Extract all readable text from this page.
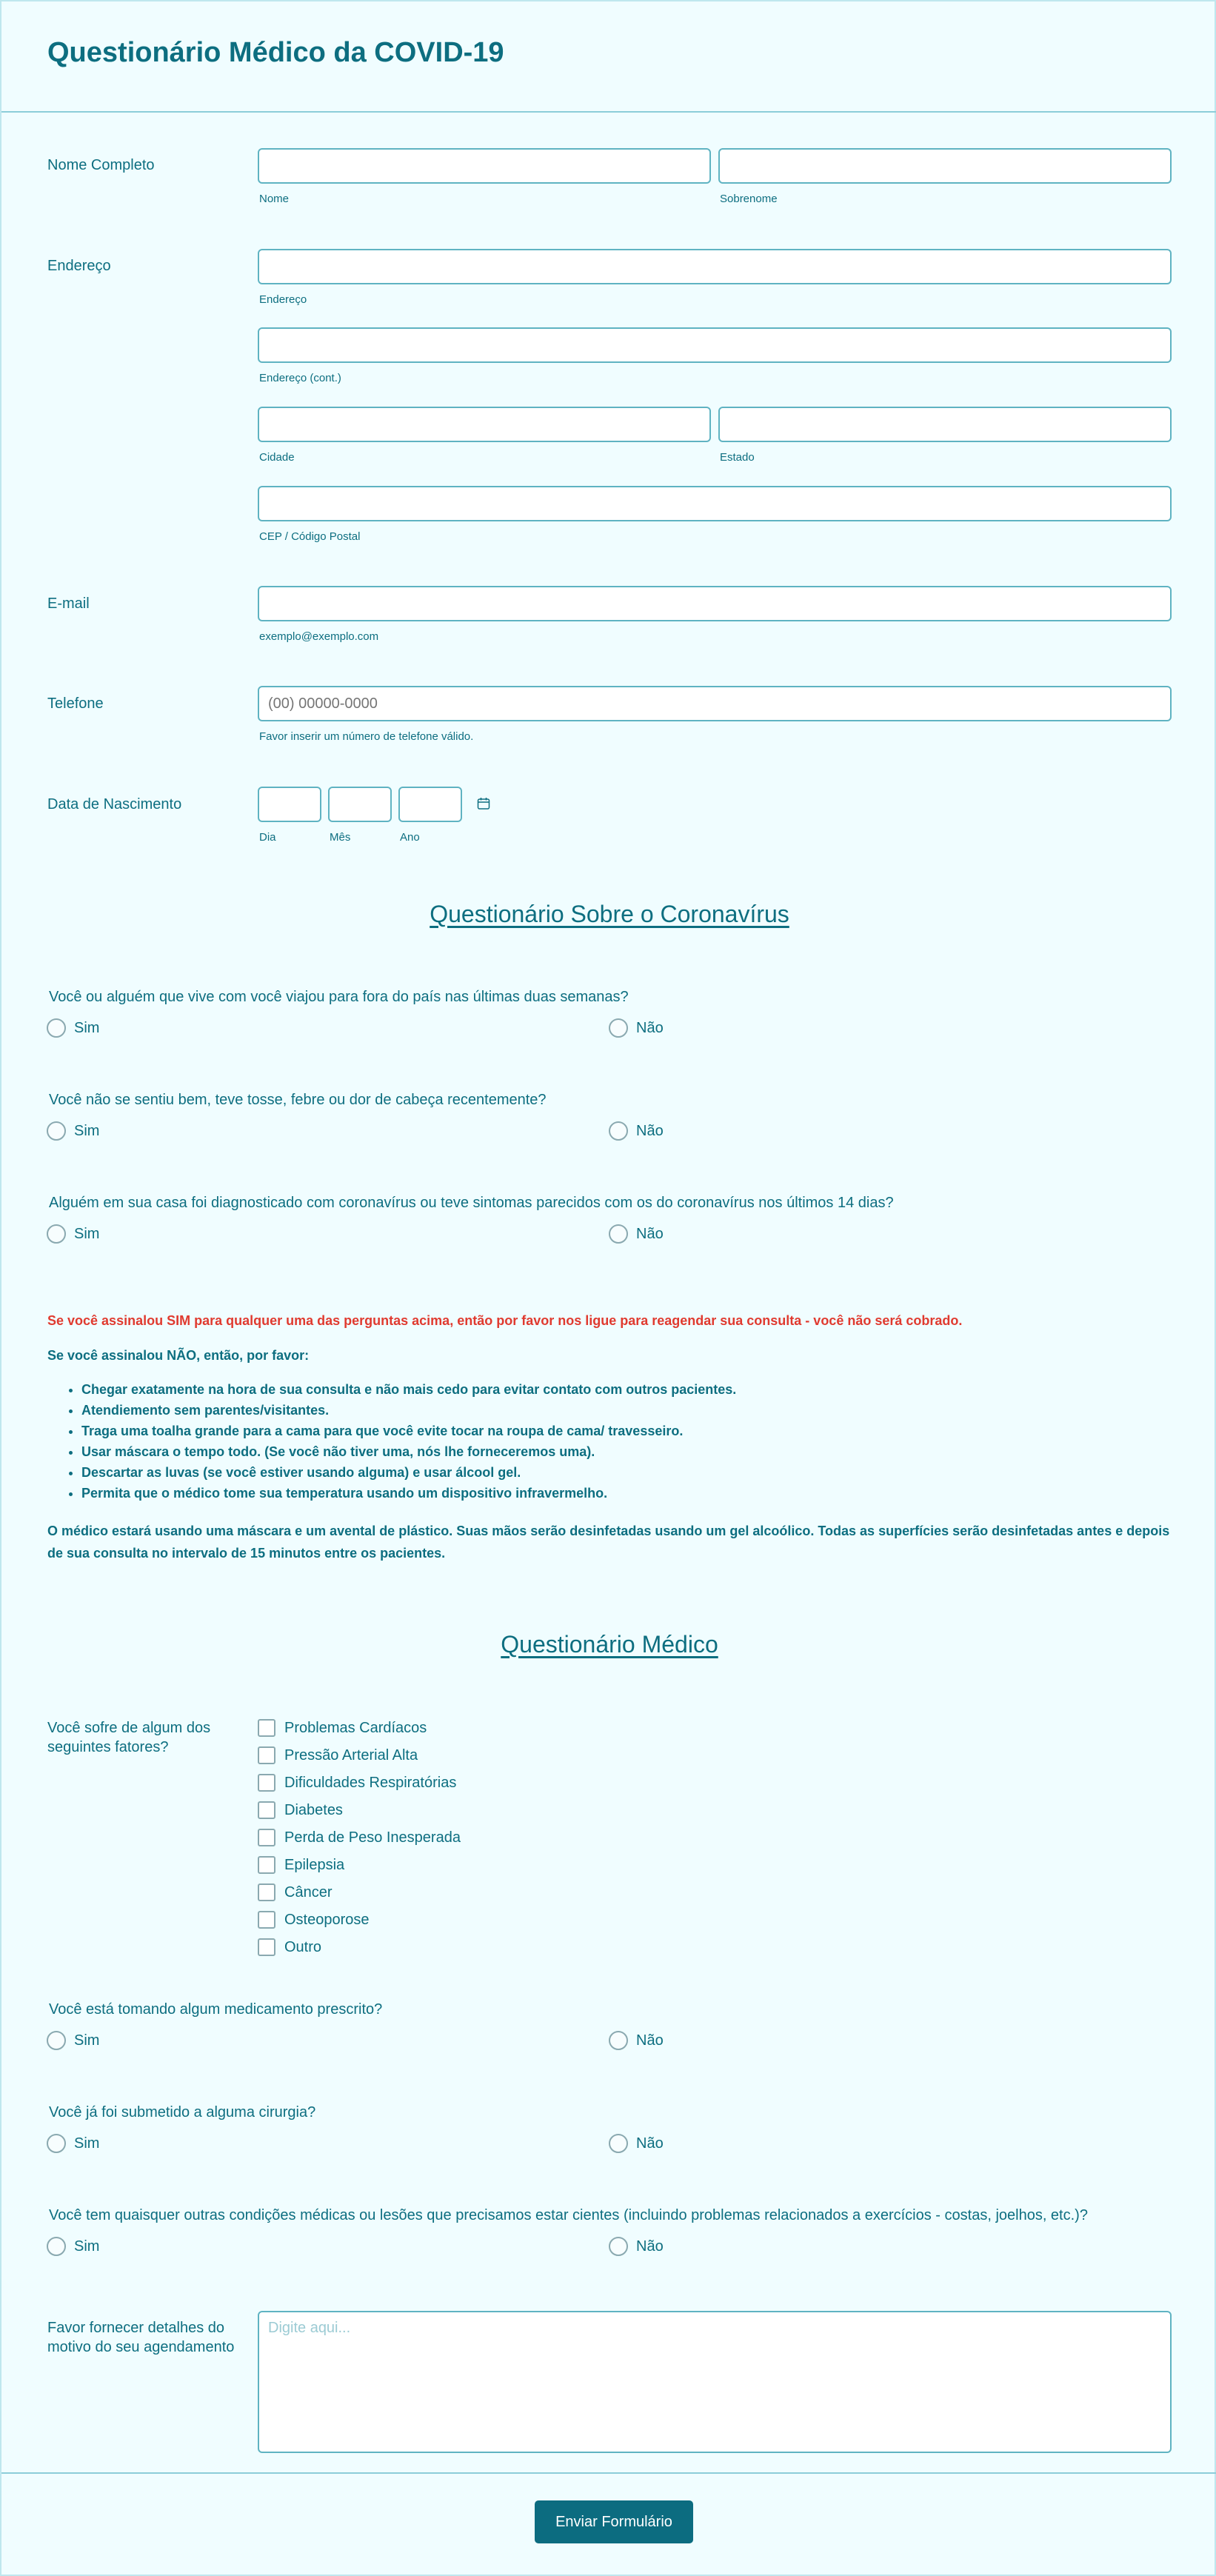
Questionário Médico da COVID-19
Nome Completo
Nome	Sobrenome
Endereço
Endereço
Endereço (cont.)
Cidade	Estado
CEP / Código Postal
E-mail
exemplo@exemplo.com
Telefone
(00) 00000-0000
Favor inserir um número de telefone válido.
Data de Nascimento
Dia	Mês	Ano
Questionário Sobre o Coronavírus
Você ou alguém que vive com você viajou para fora do país nas últimas duas semanas?
Sim	Não
Você não se sentiu bem, teve tosse, febre ou dor de cabeça recentemente?
Sim	Não
Alguém em sua casa foi diagnosticado com coronavírus ou teve sintomas parecidos com os do coronavírus nos últimos 14 dias?
Sim	Não
Se você assinalou SIM para qualquer uma das perguntas acima, então por favor nos ligue para reagendar sua consulta - você não será cobrado.
Se você assinalou NÃO, então, por favor:
• Chegar exatamente na hora de sua consulta e não mais cedo para evitar contato com outros pacientes.
• Atendiemento sem parentes/visitantes.
• Traga uma toalha grande para a cama para que você evite tocar na roupa de cama/ travesseiro.
• Usar máscara o tempo todo. (Se você não tiver uma, nós lhe forneceremos uma).
• Descartar as luvas (se você estiver usando alguma) e usar álcool gel.
• Permita que o médico tome sua temperatura usando um dispositivo infravermelho.
O médico estará usando uma máscara e um avental de plástico. Suas mãos serão desinfetadas usando um gel alcoólico. Todas as superfícies serão desinfetadas antes e depois de sua consulta no intervalo de 15 minutos entre os pacientes.
Questionário Médico
Você sofre de algum dos seguintes fatores?
Problemas Cardíacos
Pressão Arterial Alta
Dificuldades Respiratórias
Diabetes
Perda de Peso Inesperada
Epilepsia
Câncer
Osteoporose
Outro
Você está tomando algum medicamento prescrito?
Sim	Não
Você já foi submetido a alguma cirurgia?
Sim	Não
Você tem quaisquer outras condições médicas ou lesões que precisamos estar cientes (incluindo problemas relacionados a exercícios - costas, joelhos, etc.)?
Sim	Não
Favor fornecer detalhes do motivo do seu agendamento
Digite aqui...
Enviar Formulário
